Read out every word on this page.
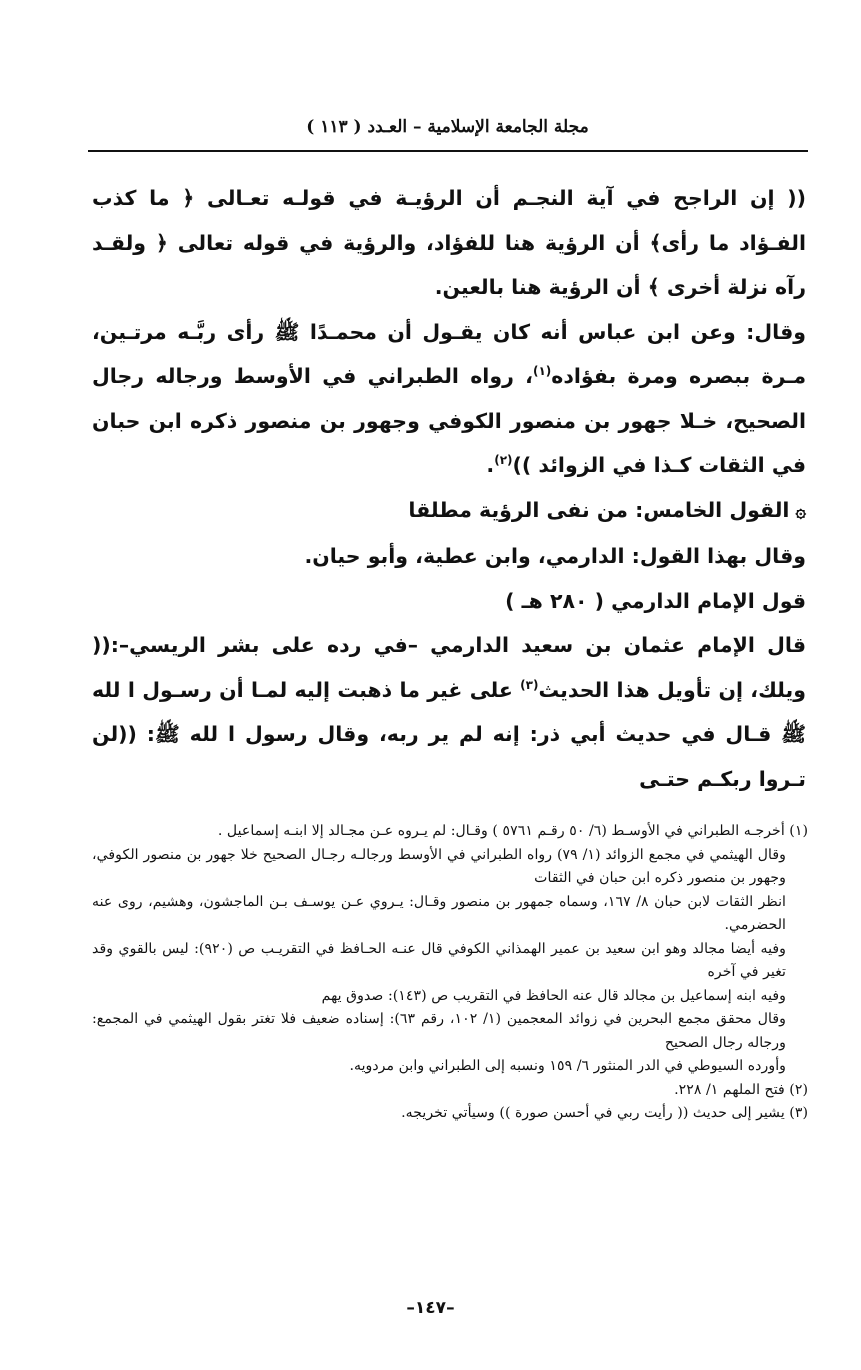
مجلة الجامعة الإسلامية – العـدد ( ١١٣ )

(( إن الراجح في آية النجـم أن الرؤيـة في قولـه تعـالى ﴿ ما كذب الفـؤاد ما رأى﴾ أن الرؤية هنا للفؤاد، والرؤية في قوله تعالى ﴿ ولقـد رآه نزلة أخرى ﴾ أن الرؤية هنا بالعين.

وقال: وعن ابن عباس أنه كان يقـول أن محمـدًا ﷺ رأى ربَّـه مرتـين، مـرة ببصره ومرة بفؤاده$^{(١)}$، رواه الطبراني في الأوسط ورجاله رجال الصحيح، خـلا جهور بن منصور الكوفي وجهور بن منصور ذكره ابن حبان في الثقات كـذا في الزوائد ))$^{(٢)}$.

۞القول الخامس: من نفى الرؤية مطلقا

وقال بهذا القول: الدارمي، وابن عطية، وأبو حيان.

قول الإمام الدارمي ( ٢٨٠ هـ )

قال الإمام عثمان بن سعيد الدارمي –في رده على بشر الريسي–:(( ويلك، إن تأويل هذا الحديث$^{(٣)}$ على غير ما ذهبت إليه لمـا أن رسـول ا لله ﷺ قـال في حديث أبي ذر: إنه لم ير ربه، وقال رسول ا لله ﷺ: ((لن تـروا ربكـم حتـى

(١) أخرجـه الطبراني في الأوسـط (٦/ ٥٠ رقـم ٥٧٦١ ) وقـال: لم يـروه عـن مجـالد إلا ابنـه إسماعيل .

وقال الهيثمي في مجمع الزوائد (١/ ٧٩) رواه الطبراني في الأوسط ورجالـه رجـال الصحيح خلا جهور بن منصور الكوفي، وجهور بن منصور ذكره ابن حبان في الثقات

انظر الثقات لابن حبان ٨/ ١٦٧، وسماه جمهور بن منصور وقـال: يـروي عـن يوسـف بـن الماجشون، وهشيم، روى عنه الحضرمي.

وفيه أيضا مجالد وهو ابن سعيد بن عمير الهمذاني الكوفي قال عنـه الحـافظ في التقريـب ص (٩٢٠): ليس بالقوي وقد تغير في آخره

وفيه ابنه إسماعيل بن مجالد قال عنه الحافظ في التقريب ص (١٤٣): صدوق يهم

وقال محقق مجمع البحرين في زوائد المعجمين (١/ ١٠٢، رقم ٦٣): إسناده ضعيف فلا تغتر بقول الهيثمي في المجمع: ورجاله رجال الصحيح

وأورده السيوطي في الدر المنثور ٦/ ١٥٩ ونسبه إلى الطبراني وابن مردويه.

(٢) فتح الملهم ١/ ٢٢٨.

(٣) يشير إلى حديث (( رأيت ربي في أحسن صورة )) وسيأتي تخريجه.

–١٤٧–
